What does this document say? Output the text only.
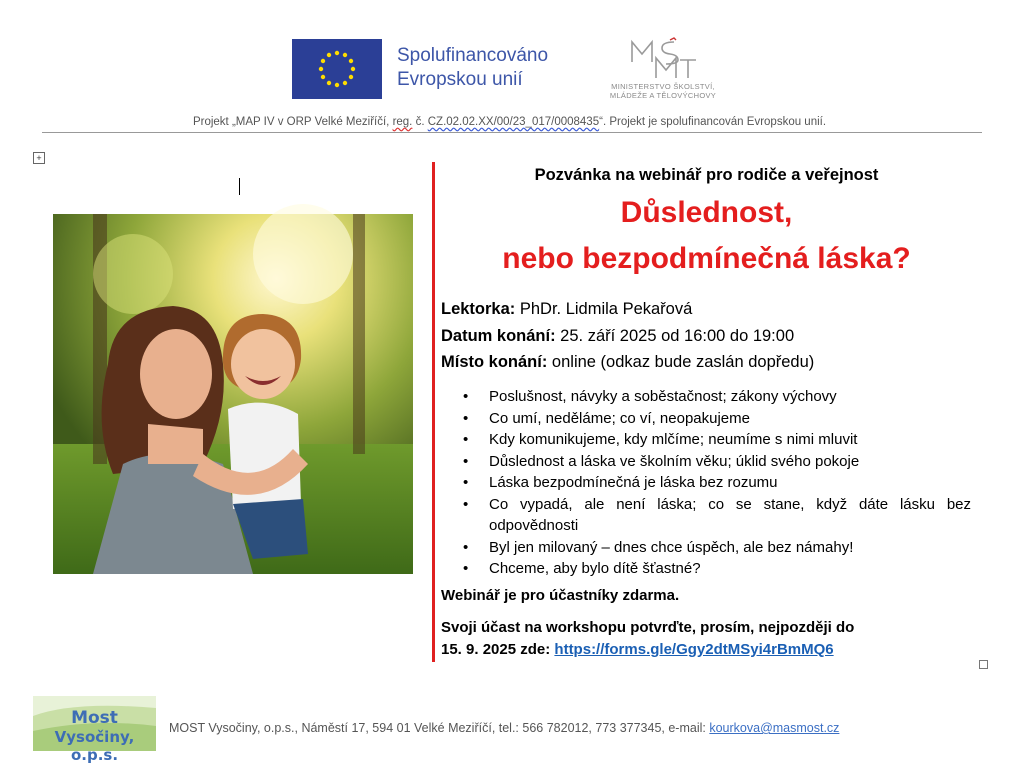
Spolufinancováno
Evropskou unií	MINISTERSTVO ŠKOLSTVÍ,
MLÁDEŽE A TĚLOVÝCHOVY
Projekt „MAP IV v ORP Velké Meziříčí, reg. č. CZ.02.02.XX/00/23_017/0008435“. Projekt je spolufinancován Evropskou unií.
+
Pozvánka na webinář pro rodiče a veřejnost
Důslednost,
nebo bezpodmínečná láska?
Lektorka: PhDr. Lidmila Pekařová
Datum konání: 25. září 2025 od 16:00 do 19:00
Místo konání: online (odkaz bude zaslán dopředu)
• Poslušnost, návyky a soběstačnost; zákony výchovy
• Co umí, neděláme; co ví, neopakujeme
• Kdy komunikujeme, kdy mlčíme; neumíme s nimi mluvit
• Důslednost a láska ve školním věku; úklid svého pokoje
• Láska bezpodmínečná je láska bez rozumu
• Co vypadá, ale není láska; co se stane, když dáte lásku bez odpovědnosti
• Byl jen milovaný – dnes chce úspěch, ale bez námahy!
• Chceme, aby bylo dítě šťastné?
Webinář je pro účastníky zdarma.
Svoji účast na workshopu potvrďte, prosím, nejpozději do
15. 9. 2025 zde: https://forms.gle/Ggy2dtMSyi4rBmMQ6
Most
Vysočiny, o.p.s.
MOST Vysočiny, o.p.s., Náměstí 17, 594 01 Velké Meziříčí, tel.: 566 782012, 773 377345, e-mail: kourkova@masmost.cz
